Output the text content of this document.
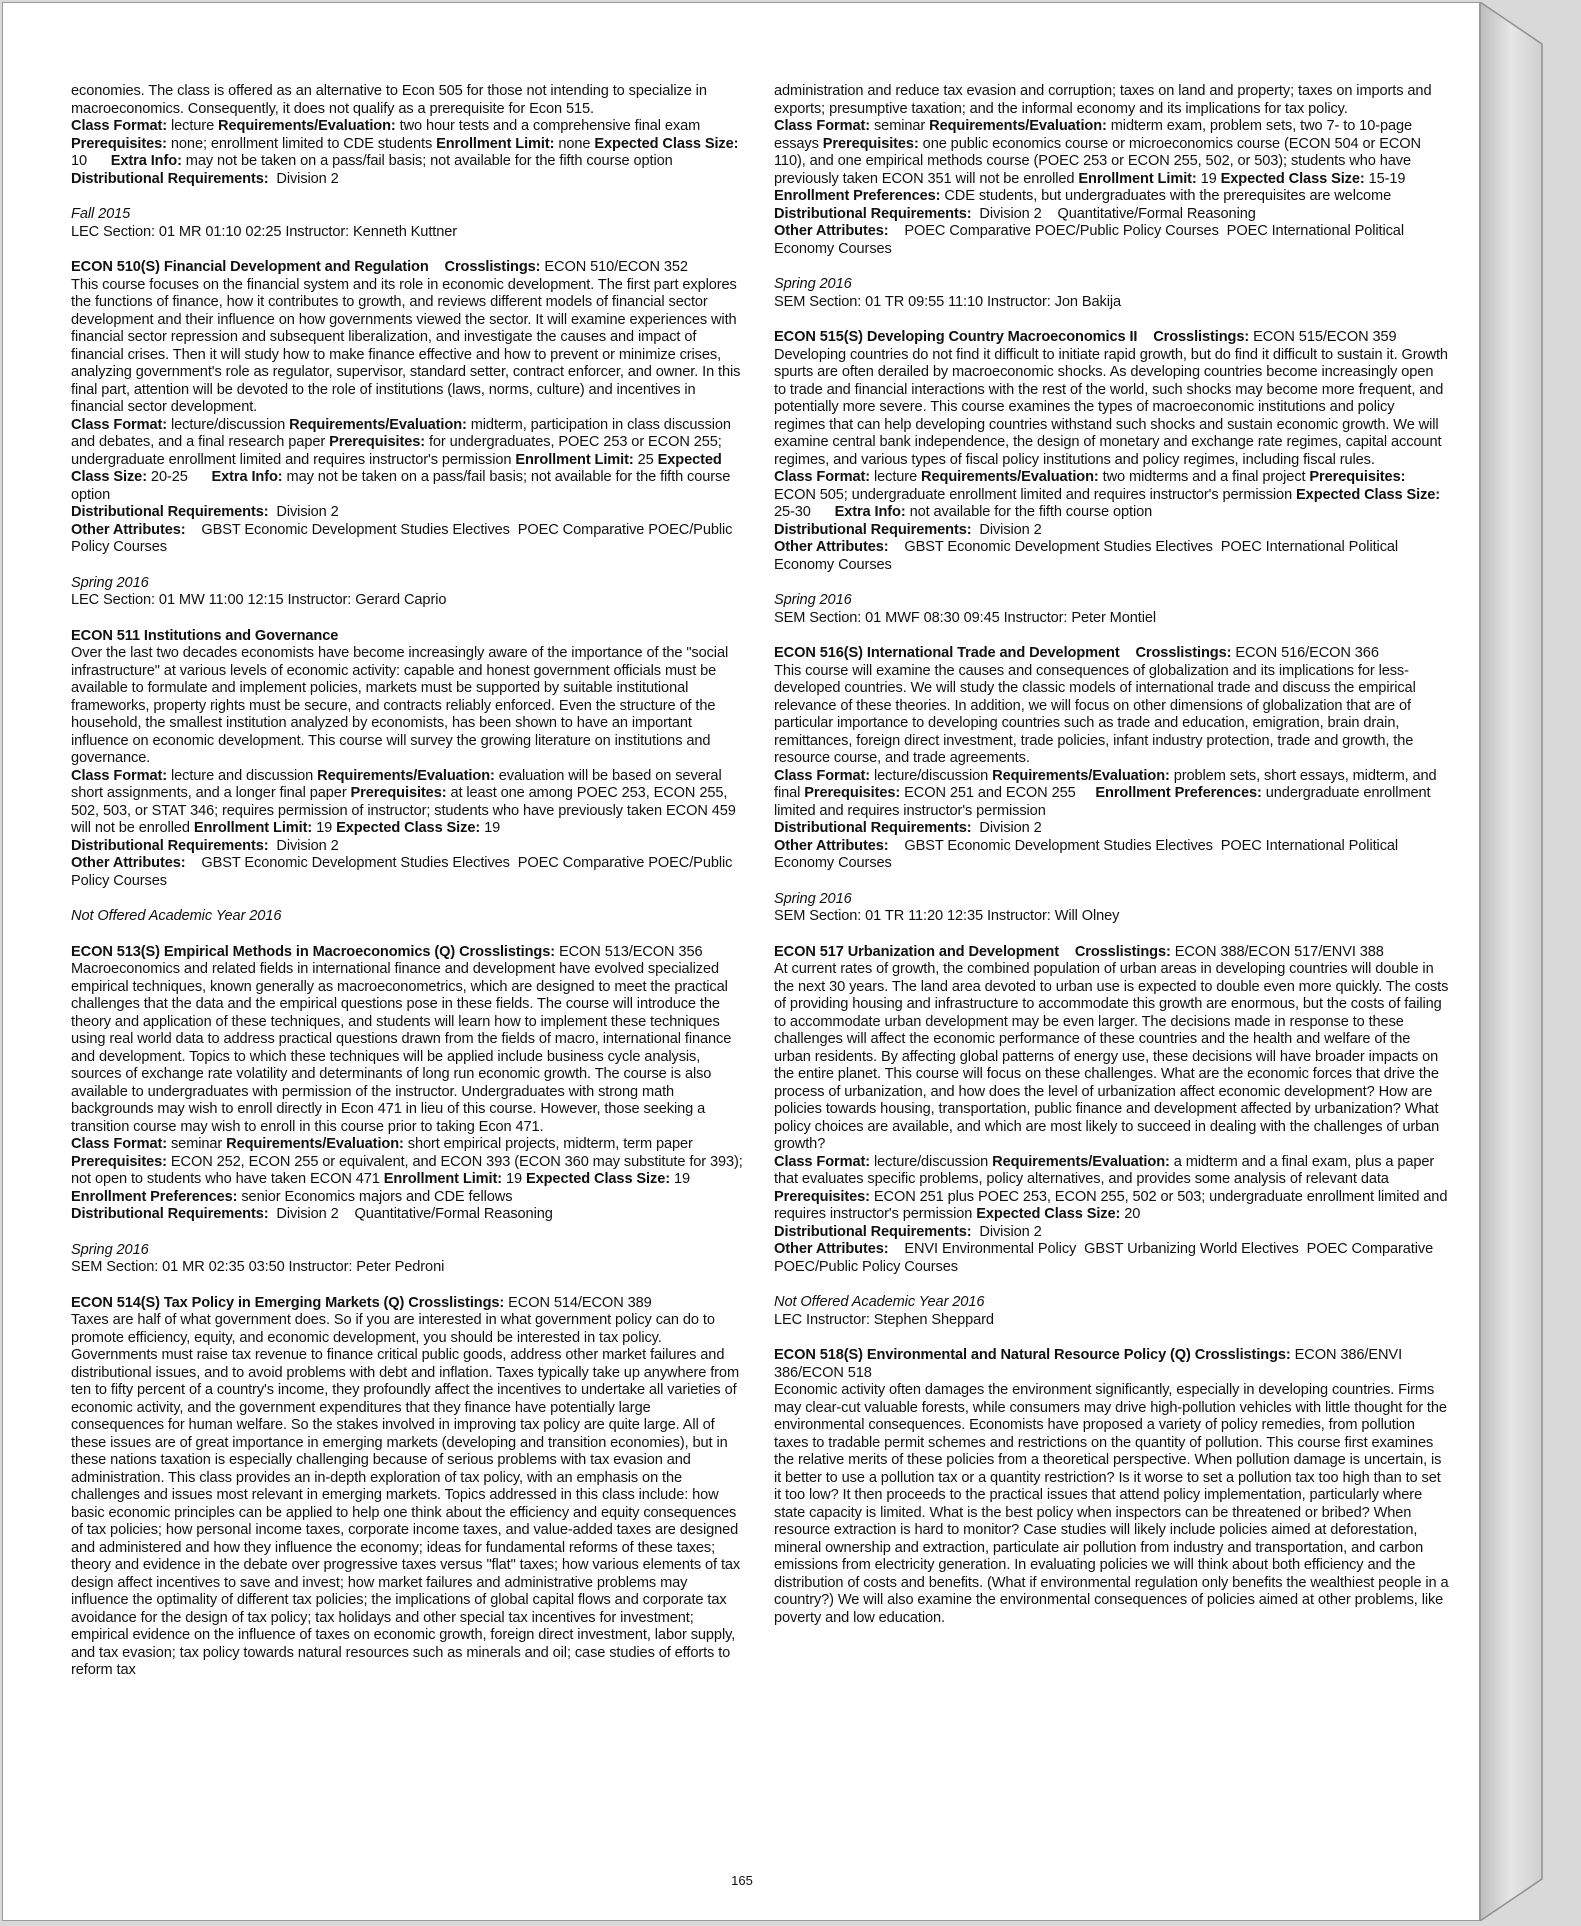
economies. The class is offered as an alternative to Econ 505 for those not intending to specialize in macroeconomics. Consequently, it does not qualify as a prerequisite for Econ 515.
Class Format: lecture Requirements/Evaluation: two hour tests and a comprehensive final exam Prerequisites: none; enrollment limited to CDE students Enrollment Limit: none Expected Class Size: 10      Extra Info: may not be taken on a pass/fail basis; not available for the fifth course option
Distributional Requirements:  Division 2
Fall 2015
LEC Section: 01 MR 01:10 02:25 Instructor: Kenneth Kuttner
ECON 510(S) Financial Development and Regulation Crosslistings: ECON 510/ECON 352
This course focuses on the financial system and its role in economic development. The first part explores the functions of finance, how it contributes to growth, and reviews different models of financial sector development and their influence on how governments viewed the sector. It will examine experiences with financial sector repression and subsequent liberalization, and investigate the causes and impact of financial crises. Then it will study how to make finance effective and how to prevent or minimize crises, analyzing government's role as regulator, supervisor, standard setter, contract enforcer, and owner. In this final part, attention will be devoted to the role of institutions (laws, norms, culture) and incentives in financial sector development.
Class Format: lecture/discussion Requirements/Evaluation: midterm, participation in class discussion and debates, and a final research paper Prerequisites: for undergraduates, POEC 253 or ECON 255; undergraduate enrollment limited and requires instructor's permission Enrollment Limit: 25 Expected Class Size: 20-25      Extra Info: may not be taken on a pass/fail basis; not available for the fifth course option
Distributional Requirements:  Division 2
Other Attributes:    GBST Economic Development Studies Electives  POEC Comparative POEC/Public Policy Courses
Spring 2016
LEC Section: 01 MW 11:00 12:15 Instructor: Gerard Caprio
ECON 511 Institutions and Governance
Over the last two decades economists have become increasingly aware of the importance of the "social infrastructure" at various levels of economic activity: capable and honest government officials must be available to formulate and implement policies, markets must be supported by suitable institutional frameworks, property rights must be secure, and contracts reliably enforced. Even the structure of the household, the smallest institution analyzed by economists, has been shown to have an important influence on economic development. This course will survey the growing literature on institutions and governance.
Class Format: lecture and discussion Requirements/Evaluation: evaluation will be based on several short assignments, and a longer final paper Prerequisites: at least one among POEC 253, ECON 255, 502, 503, or STAT 346; requires permission of instructor; students who have previously taken ECON 459 will not be enrolled Enrollment Limit: 19 Expected Class Size: 19
Distributional Requirements:  Division 2
Other Attributes:    GBST Economic Development Studies Electives  POEC Comparative POEC/Public Policy Courses
Not Offered Academic Year 2016
ECON 513(S) Empirical Methods in Macroeconomics (Q) Crosslistings: ECON 513/ECON 356
Macroeconomics and related fields in international finance and development have evolved specialized empirical techniques, known generally as macroeconometrics, which are designed to meet the practical challenges that the data and the empirical questions pose in these fields. The course will introduce the theory and application of these techniques, and students will learn how to implement these techniques using real world data to address practical questions drawn from the fields of macro, international finance and development. Topics to which these techniques will be applied include business cycle analysis, sources of exchange rate volatility and determinants of long run economic growth. The course is also available to undergraduates with permission of the instructor. Undergraduates with strong math backgrounds may wish to enroll directly in Econ 471 in lieu of this course. However, those seeking a transition course may wish to enroll in this course prior to taking Econ 471.
Class Format: seminar Requirements/Evaluation: short empirical projects, midterm, term paper Prerequisites: ECON 252, ECON 255 or equivalent, and ECON 393 (ECON 360 may substitute for 393); not open to students who have taken ECON 471 Enrollment Limit: 19 Expected Class Size: 19 Enrollment Preferences: senior Economics majors and CDE fellows
Distributional Requirements:  Division 2    Quantitative/Formal Reasoning
Spring 2016
SEM Section: 01 MR 02:35 03:50 Instructor: Peter Pedroni
ECON 514(S) Tax Policy in Emerging Markets (Q) Crosslistings: ECON 514/ECON 389
Taxes are half of what government does. So if you are interested in what government policy can do to promote efficiency, equity, and economic development, you should be interested in tax policy. Governments must raise tax revenue to finance critical public goods, address other market failures and distributional issues, and to avoid problems with debt and inflation. Taxes typically take up anywhere from ten to fifty percent of a country's income, they profoundly affect the incentives to undertake all varieties of economic activity, and the government expenditures that they finance have potentially large consequences for human welfare. So the stakes involved in improving tax policy are quite large. All of these issues are of great importance in emerging markets (developing and transition economies), but in these nations taxation is especially challenging because of serious problems with tax evasion and administration. This class provides an in-depth exploration of tax policy, with an emphasis on the challenges and issues most relevant in emerging markets. Topics addressed in this class include: how basic economic principles can be applied to help one think about the efficiency and equity consequences of tax policies; how personal income taxes, corporate income taxes, and value-added taxes are designed and administered and how they influence the economy; ideas for fundamental reforms of these taxes; theory and evidence in the debate over progressive taxes versus "flat" taxes; how various elements of tax design affect incentives to save and invest; how market failures and administrative problems may influence the optimality of different tax policies; the implications of global capital flows and corporate tax avoidance for the design of tax policy; tax holidays and other special tax incentives for investment; empirical evidence on the influence of taxes on economic growth, foreign direct investment, labor supply, and tax evasion; tax policy towards natural resources such as minerals and oil; case studies of efforts to reform tax
administration and reduce tax evasion and corruption; taxes on land and property; taxes on imports and exports; presumptive taxation; and the informal economy and its implications for tax policy.
Class Format: seminar Requirements/Evaluation: midterm exam, problem sets, two 7- to 10-page essays Prerequisites: one public economics course or microeconomics course (ECON 504 or ECON 110), and one empirical methods course (POEC 253 or ECON 255, 502, or 503); students who have previously taken ECON 351 will not be enrolled Enrollment Limit: 19 Expected Class Size: 15-19 Enrollment Preferences: CDE students, but undergraduates with the prerequisites are welcome
Distributional Requirements:  Division 2    Quantitative/Formal Reasoning
Other Attributes:    POEC Comparative POEC/Public Policy Courses  POEC International Political Economy Courses
Spring 2016
SEM Section: 01 TR 09:55 11:10 Instructor: Jon Bakija
ECON 515(S) Developing Country Macroeconomics II Crosslistings: ECON 515/ECON 359
Developing countries do not find it difficult to initiate rapid growth, but do find it difficult to sustain it. Growth spurts are often derailed by macroeconomic shocks. As developing countries become increasingly open to trade and financial interactions with the rest of the world, such shocks may become more frequent, and potentially more severe. This course examines the types of macroeconomic institutions and policy regimes that can help developing countries withstand such shocks and sustain economic growth. We will examine central bank independence, the design of monetary and exchange rate regimes, capital account regimes, and various types of fiscal policy institutions and policy regimes, including fiscal rules.
Class Format: lecture Requirements/Evaluation: two midterms and a final project Prerequisites: ECON 505; undergraduate enrollment limited and requires instructor's permission Expected Class Size: 25-30      Extra Info: not available for the fifth course option
Distributional Requirements:  Division 2
Other Attributes:    GBST Economic Development Studies Electives  POEC International Political Economy Courses
Spring 2016
SEM Section: 01 MWF 08:30 09:45 Instructor: Peter Montiel
ECON 516(S) International Trade and Development Crosslistings: ECON 516/ECON 366
This course will examine the causes and consequences of globalization and its implications for less-developed countries. We will study the classic models of international trade and discuss the empirical relevance of these theories. In addition, we will focus on other dimensions of globalization that are of particular importance to developing countries such as trade and education, emigration, brain drain, remittances, foreign direct investment, trade policies, infant industry protection, trade and growth, the resource course, and trade agreements.
Class Format: lecture/discussion Requirements/Evaluation: problem sets, short essays, midterm, and final Prerequisites: ECON 251 and ECON 255     Enrollment Preferences: undergraduate enrollment limited and requires instructor's permission
Distributional Requirements:  Division 2
Other Attributes:    GBST Economic Development Studies Electives  POEC International Political Economy Courses
Spring 2016
SEM Section: 01 TR 11:20 12:35 Instructor: Will Olney
ECON 517 Urbanization and Development Crosslistings: ECON 388/ECON 517/ENVI 388
At current rates of growth, the combined population of urban areas in developing countries will double in the next 30 years. The land area devoted to urban use is expected to double even more quickly. The costs of providing housing and infrastructure to accommodate this growth are enormous, but the costs of failing to accommodate urban development may be even larger. The decisions made in response to these challenges will affect the economic performance of these countries and the health and welfare of the urban residents. By affecting global patterns of energy use, these decisions will have broader impacts on the entire planet. This course will focus on these challenges. What are the economic forces that drive the process of urbanization, and how does the level of urbanization affect economic development? How are policies towards housing, transportation, public finance and development affected by urbanization? What policy choices are available, and which are most likely to succeed in dealing with the challenges of urban growth?
Class Format: lecture/discussion Requirements/Evaluation: a midterm and a final exam, plus a paper that evaluates specific problems, policy alternatives, and provides some analysis of relevant data Prerequisites: ECON 251 plus POEC 253, ECON 255, 502 or 503; undergraduate enrollment limited and requires instructor's permission Expected Class Size: 20
Distributional Requirements:  Division 2
Other Attributes:    ENVI Environmental Policy  GBST Urbanizing World Electives  POEC Comparative POEC/Public Policy Courses
Not Offered Academic Year 2016
LEC Instructor: Stephen Sheppard
ECON 518(S) Environmental and Natural Resource Policy (Q) Crosslistings: ECON 386/ENVI 386/ECON 518
Economic activity often damages the environment significantly, especially in developing countries. Firms may clear-cut valuable forests, while consumers may drive high-pollution vehicles with little thought for the environmental consequences. Economists have proposed a variety of policy remedies, from pollution taxes to tradable permit schemes and restrictions on the quantity of pollution. This course first examines the relative merits of these policies from a theoretical perspective. When pollution damage is uncertain, is it better to use a pollution tax or a quantity restriction? Is it worse to set a pollution tax too high than to set it too low? It then proceeds to the practical issues that attend policy implementation, particularly where state capacity is limited. What is the best policy when inspectors can be threatened or bribed? When resource extraction is hard to monitor? Case studies will likely include policies aimed at deforestation, mineral ownership and extraction, particulate air pollution from industry and transportation, and carbon emissions from electricity generation. In evaluating policies we will think about both efficiency and the distribution of costs and benefits. (What if environmental regulation only benefits the wealthiest people in a country?) We will also examine the environmental consequences of policies aimed at other problems, like poverty and low education.
165
